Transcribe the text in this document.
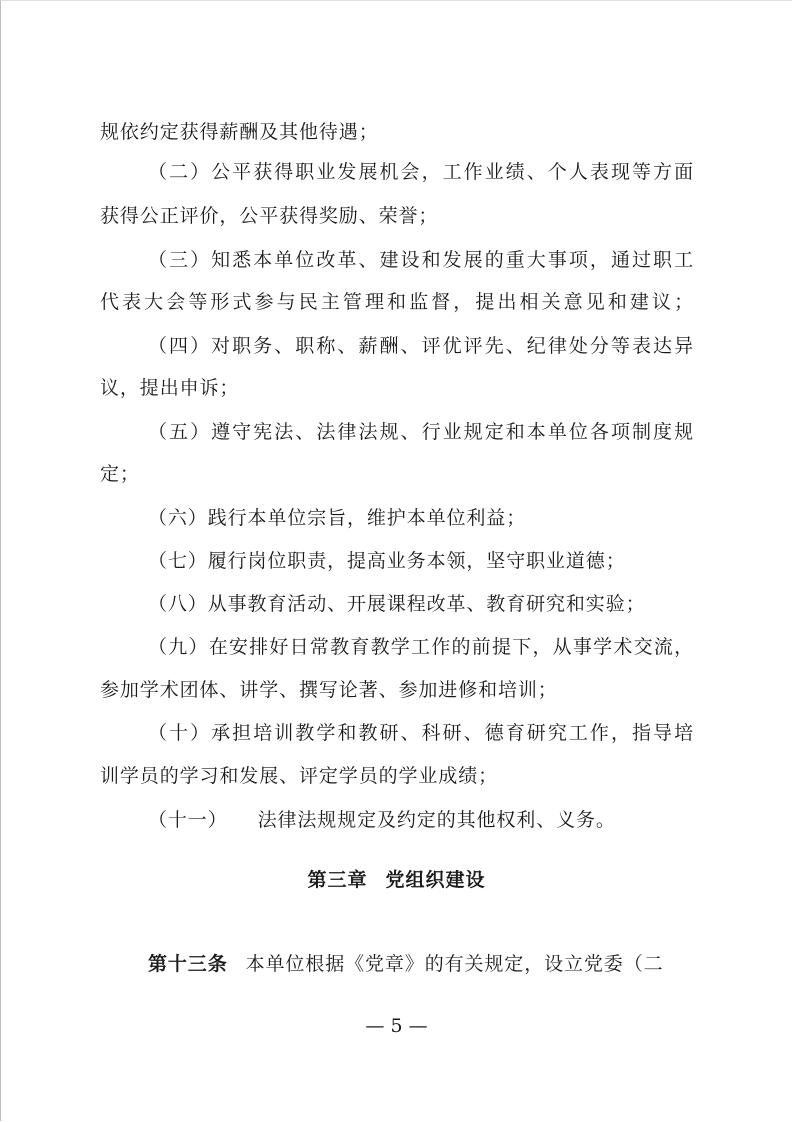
规依约定获得薪酬及其他待遇；
（二）公平获得职业发展机会，工作业绩、个人表现等方面
获得公正评价，公平获得奖励、荣誉；
（三）知悉本单位改革、建设和发展的重大事项，通过职工
代表大会等形式参与民主管理和监督，提出相关意见和建议；
（四）对职务、职称、薪酬、评优评先、纪律处分等表达异
议，提出申诉；
（五）遵守宪法、法律法规、行业规定和本单位各项制度规
定；
（六）践行本单位宗旨，维护本单位利益；
（七）履行岗位职责，提高业务本领，坚守职业道德；
（八）从事教育活动、开展课程改革、教育研究和实验；
（九）在安排好日常教育教学工作的前提下，从事学术交流，
参加学术团体、讲学、撰写论著、参加进修和培训；
（十）承担培训教学和教研、科研、德育研究工作，指导培
训学员的学习和发展、评定学员的学业成绩；
（十一） 法律法规规定及约定的其他权利、义务。
第三章 党组织建设
第十三条 本单位根据《党章》的有关规定，设立党委（二
— 5 —
